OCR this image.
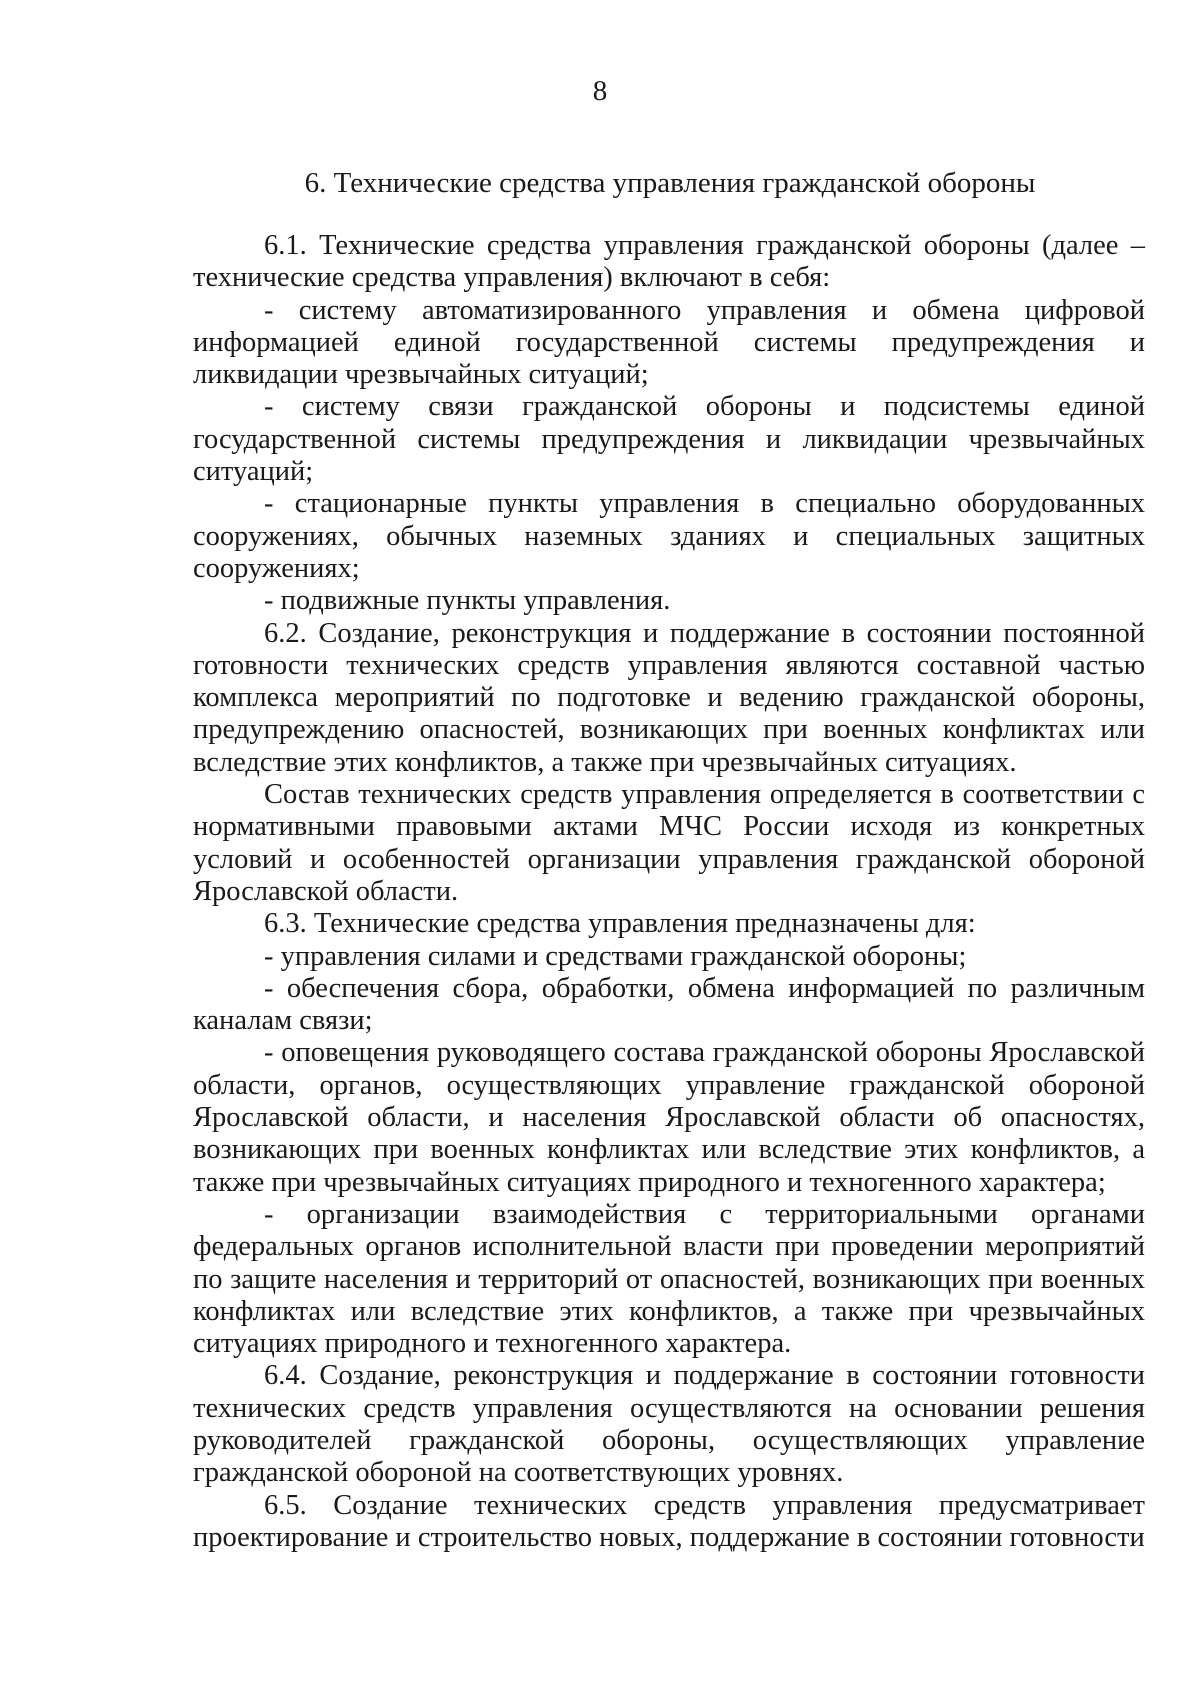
8
6. Технические средства управления гражданской обороны

6.1. Технические средства управления гражданской обороны (далее – технические средства управления) включают в себя:

- систему автоматизированного управления и обмена цифровой информацией единой государственной системы предупреждения и ликвидации чрезвычайных ситуаций;

- систему связи гражданской обороны и подсистемы единой государственной системы предупреждения и ликвидации чрезвычайных ситуаций;

- стационарные пункты управления в специально оборудованных сооружениях, обычных наземных зданиях и специальных защитных сооружениях;

- подвижные пункты управления.

6.2. Создание, реконструкция и поддержание в состоянии постоянной готовности технических средств управления являются составной частью комплекса мероприятий по подготовке и ведению гражданской обороны, предупреждению опасностей, возникающих при военных конфликтах или вследствие этих конфликтов, а также при чрезвычайных ситуациях.

Состав технических средств управления определяется в соответствии с нормативными правовыми актами МЧС России исходя из конкретных условий и особенностей организации управления гражданской обороной Ярославской области.

6.3. Технические средства управления предназначены для:

- управления силами и средствами гражданской обороны;

- обеспечения сбора, обработки, обмена информацией по различным каналам связи;

- оповещения руководящего состава гражданской обороны Ярославской области, органов, осуществляющих управление гражданской обороной Ярославской области, и населения Ярославской области об опасностях, возникающих при военных конфликтах или вследствие этих конфликтов, а также при чрезвычайных ситуациях природного и техногенного характера;

- организации взаимодействия с территориальными органами федеральных органов исполнительной власти при проведении мероприятий по защите населения и территорий от опасностей, возникающих при военных конфликтах или вследствие этих конфликтов, а также при чрезвычайных ситуациях природного и техногенного характера.

6.4. Создание, реконструкция и поддержание в состоянии готовности технических средств управления осуществляются на основании решения руководителей гражданской обороны, осуществляющих управление гражданской обороной на соответствующих уровнях.

6.5. Создание технических средств управления предусматривает проектирование и строительство новых, поддержание в состоянии готовности
